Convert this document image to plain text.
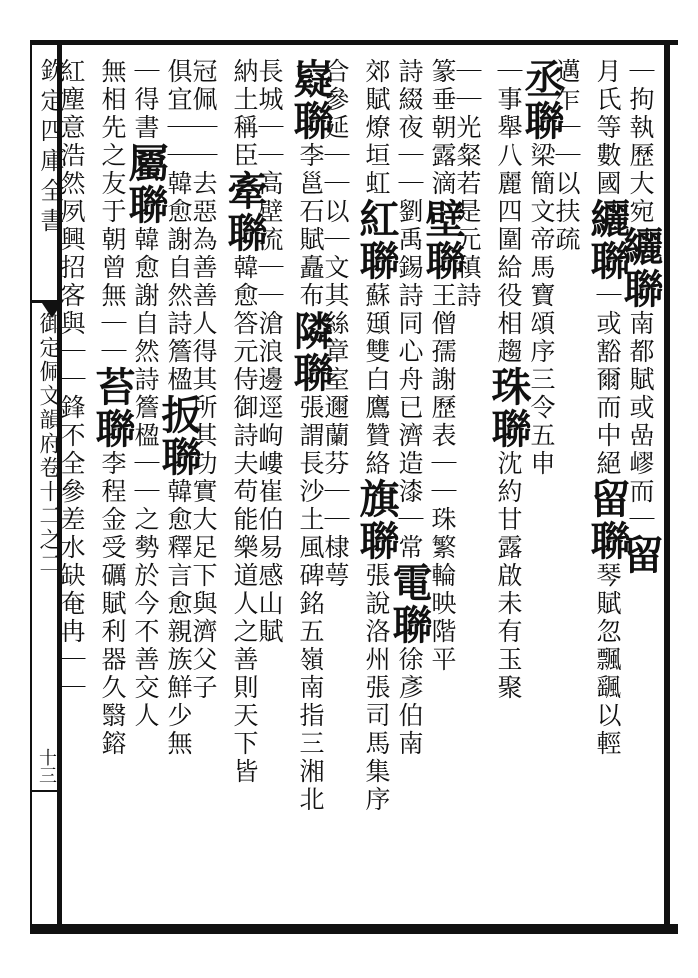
欽定四庫全書
御定佩文韻府卷十二之二
十三
｜拘執歷大宛纚聯南都賦或嵒嵺而｜留
月氏等數國纚聯｜或豁爾而中絕留聯琴賦忽飄颻以輕
邁乍｜｜以扶疏
丞聯梁簡文帝馬寶頌序三令五申
｜事舉八麗四圍給役相趨珠聯沈約甘露啟未有玉聚
｜｜光粲若是元稹詩
篆垂朝露滴壁聯王僧孺謝歷表｜｜珠繁輪映階平
詩綴夜｜｜劉禹錫詩同心舟已濟造漆｜常電聯徐彥伯南
郊賦燎垣虹紅聯蘇頲雙白鷹贊絡旗聯張說洛州張司馬集序
合參延｜｜以｜文其絲章室邇蘭芬｜｜棣萼
嶷聯李邕石賦矗布隣聯張謂長沙土風碑銘五嶺南指三湘北
長城｜｜高壁流｜｜滄浪邊逕岣嶁崔伯易感山賦
納土稱臣牽聯韓愈答元侍御詩夫苟能樂道人之善則天下皆
冠佩｜｜去惡為善善人得其所其功實大足下與濟父子
俱宜｜｜韓愈謝自然詩簷楹扳聯韓愈釋言愈親族鮮少無
｜得書屬聯韓愈謝自然詩簷楹｜｜之勢於今不善交人
無相先之友于朝曾無｜｜苔聯李程金受礪賦利器久翳鎔
紅塵意浩然夙興招客與｜｜鋒不全參差水缺奄冉｜｜
